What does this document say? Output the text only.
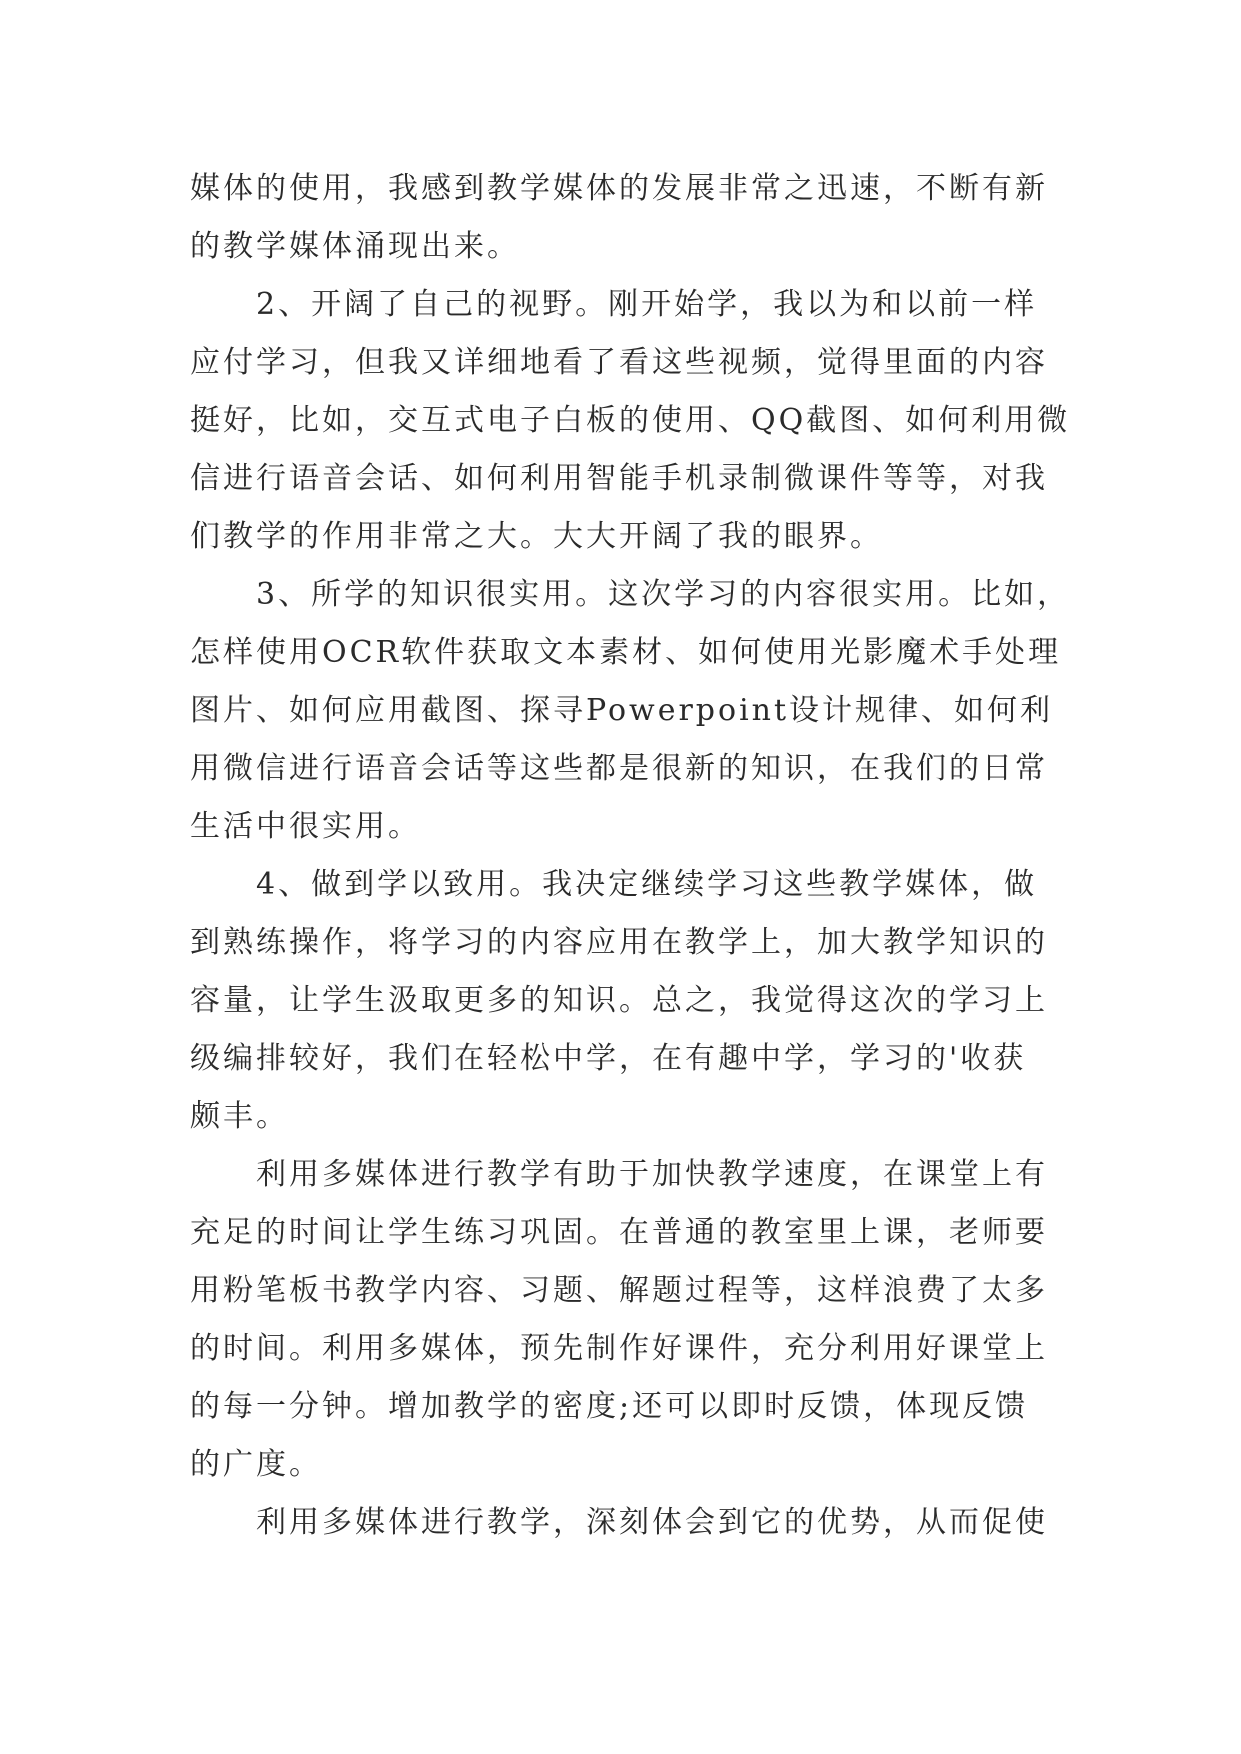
媒体的使用，我感到教学媒体的发展非常之迅速，不断有新
的教学媒体涌现出来。
2、开阔了自己的视野。刚开始学，我以为和以前一样
应付学习，但我又详细地看了看这些视频，觉得里面的内容
挺好，比如，交互式电子白板的使用、QQ截图、如何利用微
信进行语音会话、如何利用智能手机录制微课件等等，对我
们教学的作用非常之大。大大开阔了我的眼界。
3、所学的知识很实用。这次学习的内容很实用。比如，
怎样使用OCR软件获取文本素材、如何使用光影魔术手处理
图片、如何应用截图、探寻Powerpoint设计规律、如何利
用微信进行语音会话等这些都是很新的知识，在我们的日常
生活中很实用。
4、做到学以致用。我决定继续学习这些教学媒体，做
到熟练操作，将学习的内容应用在教学上，加大教学知识的
容量，让学生汲取更多的知识。总之，我觉得这次的学习上
级编排较好，我们在轻松中学，在有趣中学，学习的'收获
颇丰。
利用多媒体进行教学有助于加快教学速度，在课堂上有
充足的时间让学生练习巩固。在普通的教室里上课，老师要
用粉笔板书教学内容、习题、解题过程等，这样浪费了太多
的时间。利用多媒体，预先制作好课件，充分利用好课堂上
的每一分钟。增加教学的密度;还可以即时反馈，体现反馈
的广度。
利用多媒体进行教学，深刻体会到它的优势，从而促使
